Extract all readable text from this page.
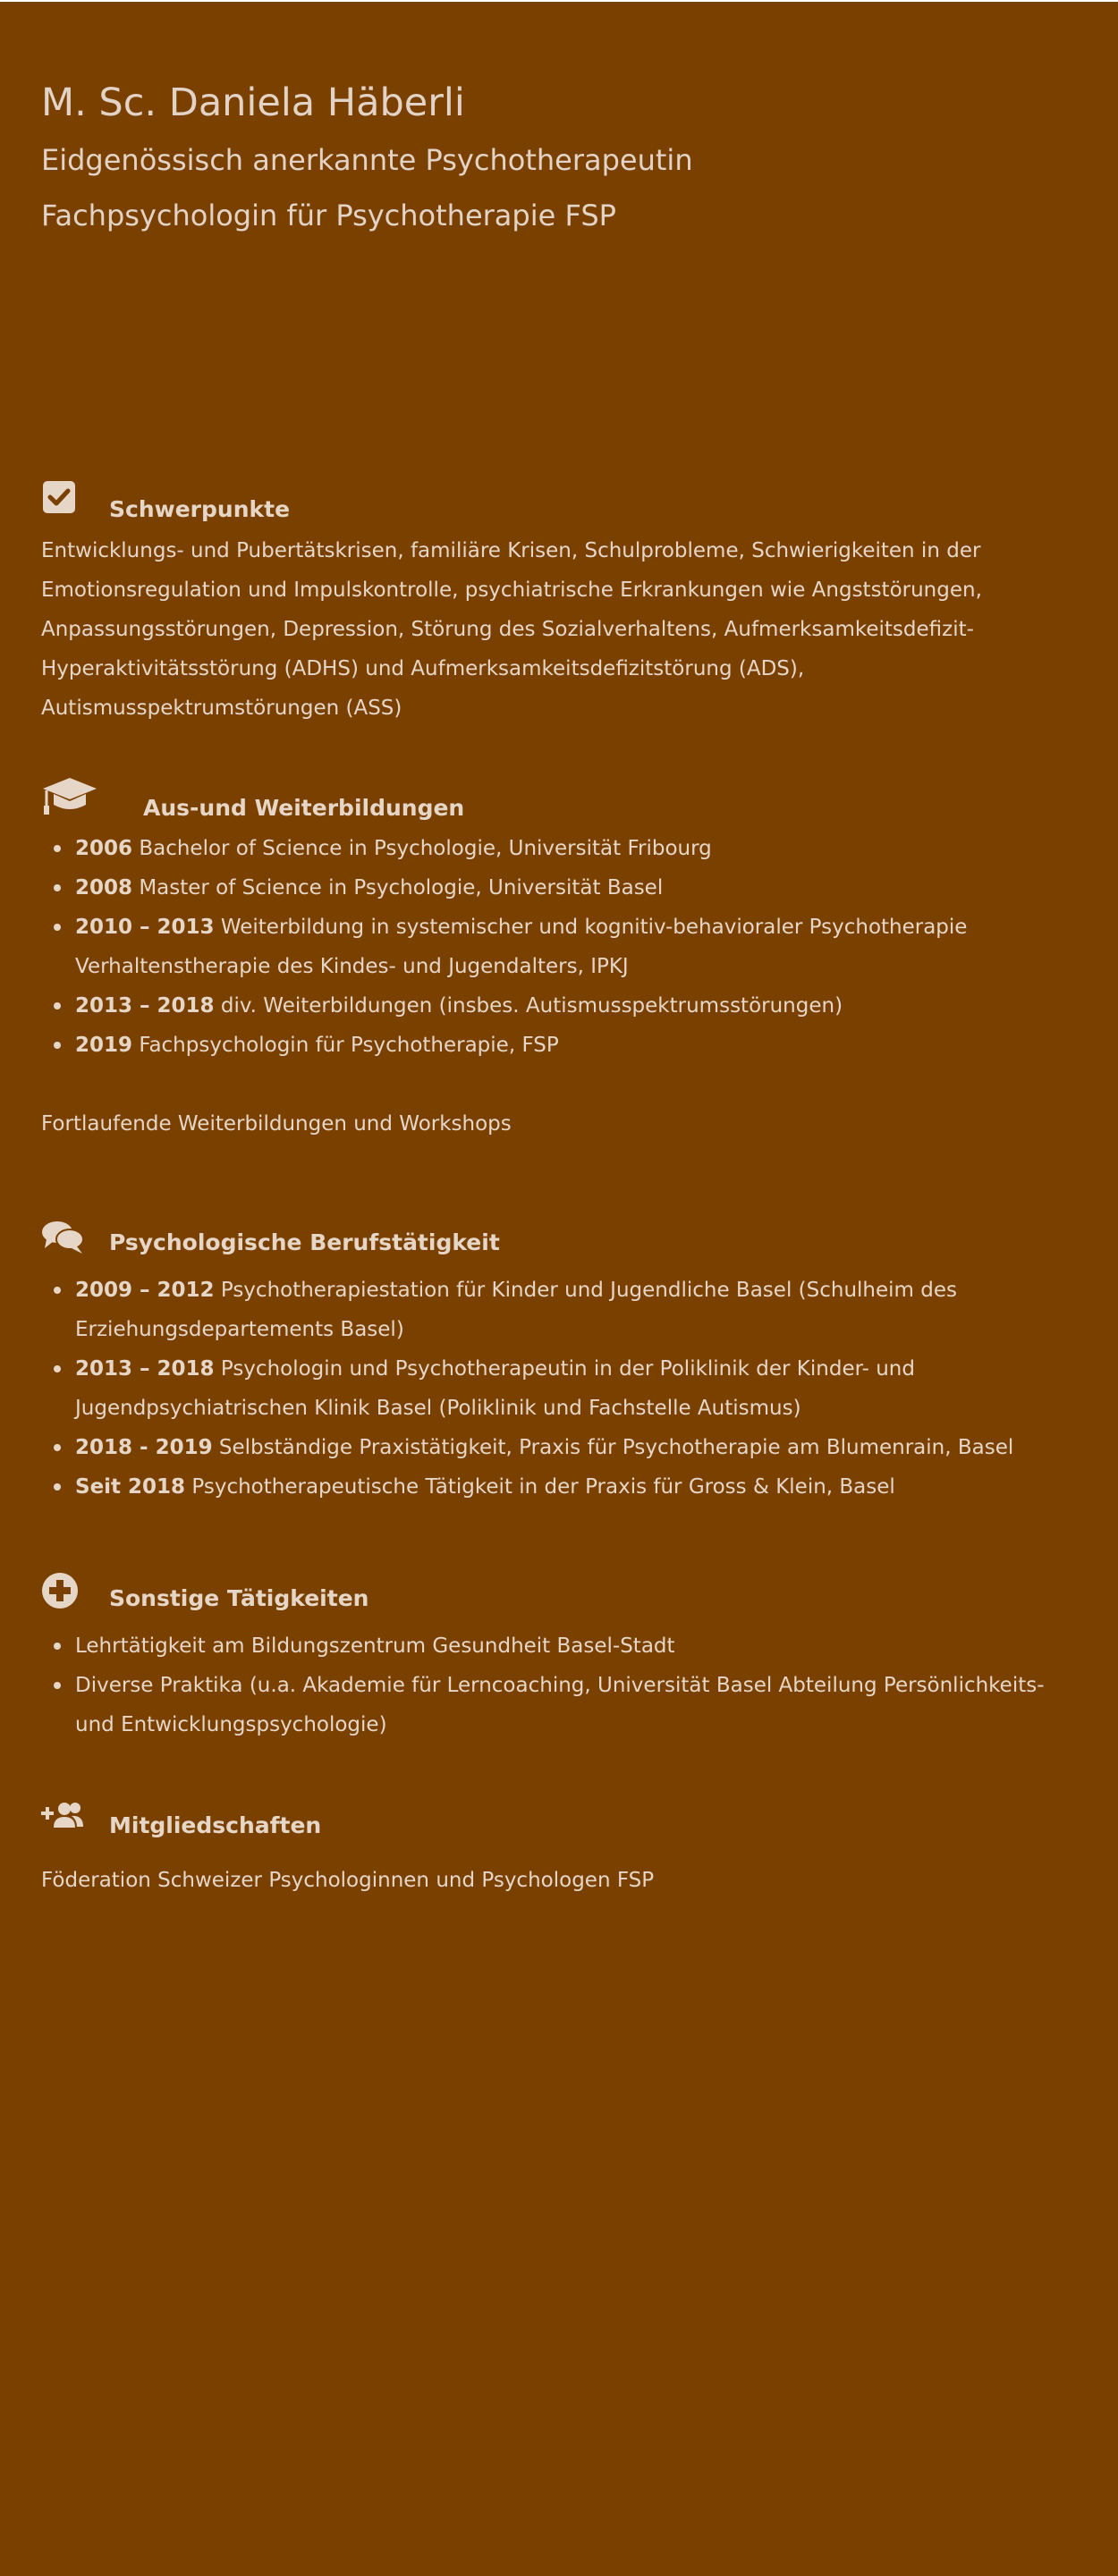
M. Sc. Daniela Häberli
Eidgenössisch anerkannte Psychotherapeutin
Fachpsychologin für Psychotherapie FSP
Schwerpunkte

Entwicklungs- und Pubertätskrisen, familiäre Krisen, Schulprobleme, Schwierigkeiten in der Emotionsregulation und Impulskontrolle, psychiatrische Erkrankungen wie Angststörungen, Anpassungsstörungen, Depression, Störung des Sozialverhaltens, Aufmerksamkeitsdefizit-Hyperaktivitätsstörung (ADHS) und Aufmerksamkeitsdefizitstörung (ADS), Autismusspektrumstörungen (ASS)

Aus-und Weiterbildungen
2006 Bachelor of Science in Psychologie, Universität Fribourg
2008 Master of Science in Psychologie, Universität Basel
2010 – 2013 Weiterbildung in systemischer und kognitiv-behavioraler Psychotherapie Verhaltenstherapie des Kindes- und Jugendalters, IPKJ
2013 – 2018 div. Weiterbildungen (insbes. Autismusspektrumsstörungen)
2019 Fachpsychologin für Psychotherapie, FSP

Fortlaufende Weiterbildungen und Workshops

Psychologische Berufstätigkeit
2009 – 2012 Psychotherapiestation für Kinder und Jugendliche Basel (Schulheim des Erziehungsdepartements Basel)
2013 – 2018 Psychologin und Psychotherapeutin in der Poliklinik der Kinder- und Jugendpsychiatrischen Klinik Basel (Poliklinik und Fachstelle Autismus)
2018 - 2019 Selbständige Praxistätigkeit, Praxis für Psychotherapie am Blumenrain, Basel
Seit 2018 Psychotherapeutische Tätigkeit in der Praxis für Gross & Klein, Basel
Sonstige Tätigkeiten
Lehrtätigkeit am Bildungszentrum Gesundheit Basel-Stadt
Diverse Praktika (u.a. Akademie für Lerncoaching, Universität Basel Abteilung Persönlichkeits- und Entwicklungspsychologie)
Mitgliedschaften

Föderation Schweizer Psychologinnen und Psychologen FSP
